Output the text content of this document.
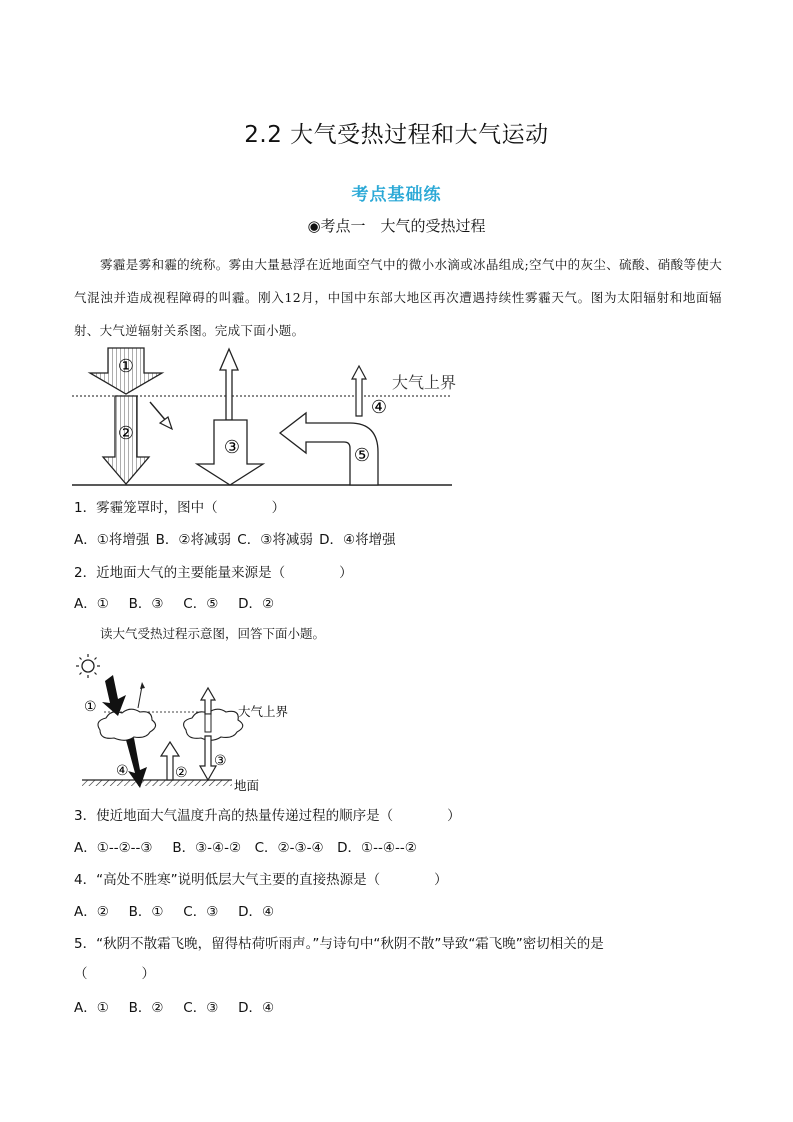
2.2 大气受热过程和大气运动
考点基础练
◉考点一　大气的受热过程
雾霾是雾和霾的统称。雾由大量悬浮在近地面空气中的微小水滴或冰晶组成;空气中的灰尘、硫酸、硝酸等使大气混浊并造成视程障碍的叫霾。刚入12月，中国中东部大地区再次遭遇持续性雾霾天气。图为太阳辐射和地面辐射、大气逆辐射关系图。完成下面小题。
①
②
③
④
⑤
大气上界
1．雾霾笼罩时，图中（　　　　）
A．①将增强 B．②将减弱 C．③将减弱 D．④将增强
2．近地面大气的主要能量来源是（　　　　）
A．①　 B．③　 C．⑤　 D．②
读大气受热过程示意图，回答下面小题。
①
②
③
④
大气上界
地面
3．使近地面大气温度升高的热量传递过程的顺序是（　　　　）
A．①--②--③　 B．③-④-②　C．②-③-④　D．①--④--②
4．“高处不胜寒”说明低层大气主要的直接热源是（　　　　）
A．②　 B．①　 C．③　 D．④
5．“秋阴不散霜飞晚，留得枯荷听雨声。”与诗句中“秋阴不散”导致“霜飞晚”密切相关的是
（　　　　）
A．①　 B．②　 C．③　 D．④
